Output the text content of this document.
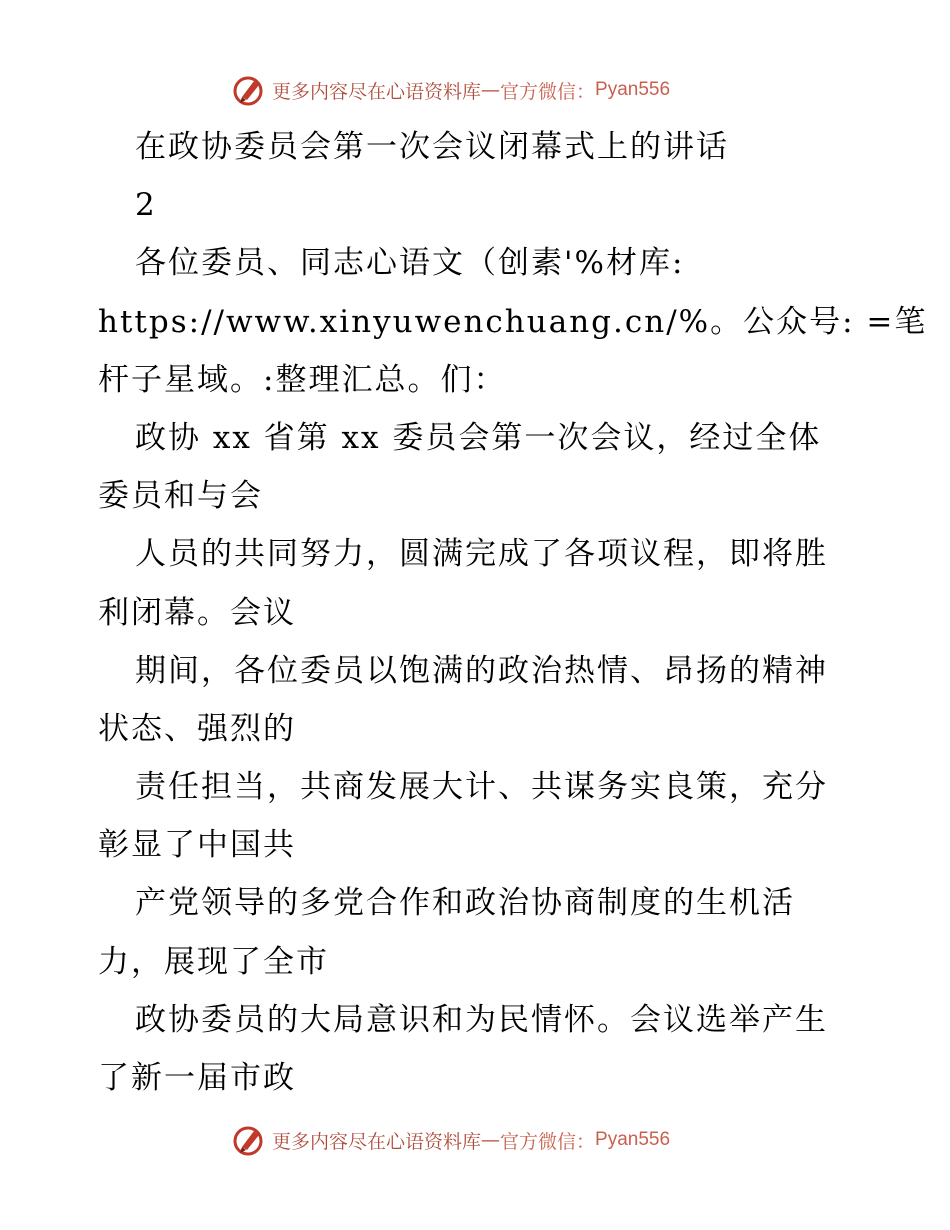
更多内容尽在心语资料库 — 官方微信： Pyan556
在政协委员会第一次会议闭幕式上的讲话
2
各位委员、同志心语文（创素'%材库:
https://www.xinyuwenchuang.cn/%。公众号: =笔
杆子星域。:整理汇总。们：
政协 xx 省第 xx 委员会第一次会议，经过全体
委员和与会
人员的共同努力，圆满完成了各项议程，即将胜
利闭幕。会议
期间，各位委员以饱满的政治热情、昂扬的精神
状态、强烈的
责任担当，共商发展大计、共谋务实良策，充分
彰显了中国共
产党领导的多党合作和政治协商制度的生机活
力，展现了全市
政协委员的大局意识和为民情怀。会议选举产生
了新一届市政
更多内容尽在心语资料库 — 官方微信： Pyan556
